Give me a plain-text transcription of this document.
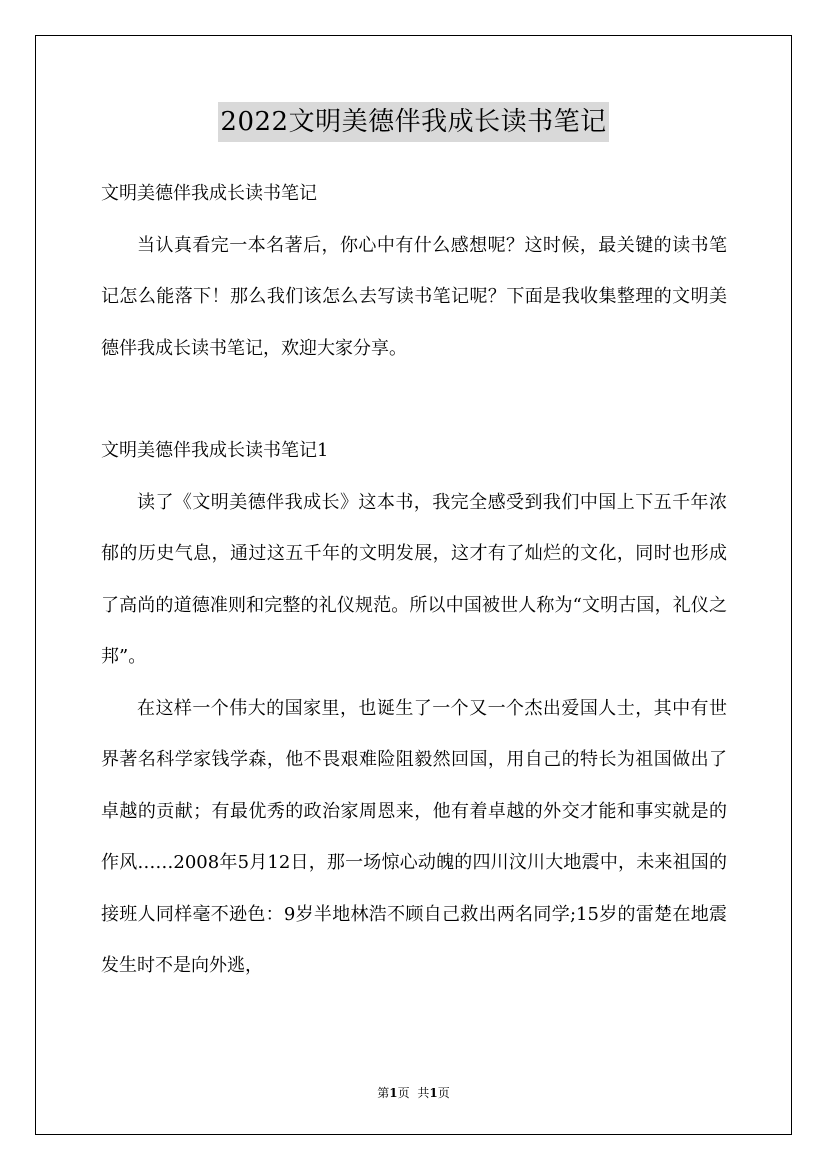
2022文明美德伴我成长读书笔记

文明美德伴我成长读书笔记

当认真看完一本名著后，你心中有什么感想呢？这时候，最关键的读书笔记怎么能落下！那么我们该怎么去写读书笔记呢？下面是我收集整理的文明美德伴我成长读书笔记，欢迎大家分享。

文明美德伴我成长读书笔记1

读了《文明美德伴我成长》这本书，我完全感受到我们中国上下五千年浓郁的历史气息，通过这五千年的文明发展，这才有了灿烂的文化，同时也形成了高尚的道德准则和完整的礼仪规范。所以中国被世人称为“文明古国，礼仪之邦”。

在这样一个伟大的国家里，也诞生了一个又一个杰出爱国人士，其中有世界著名科学家钱学森，他不畏艰难险阻毅然回国，用自己的特长为祖国做出了卓越的贡献；有最优秀的政治家周恩来，他有着卓越的外交才能和事实就是的作风……2008年5月12日，那一场惊心动魄的四川汶川大地震中，未来祖国的接班人同样毫不逊色：9岁半地林浩不顾自己救出两名同学;15岁的雷楚在地震发生时不是向外逃，

第1页 共1页
